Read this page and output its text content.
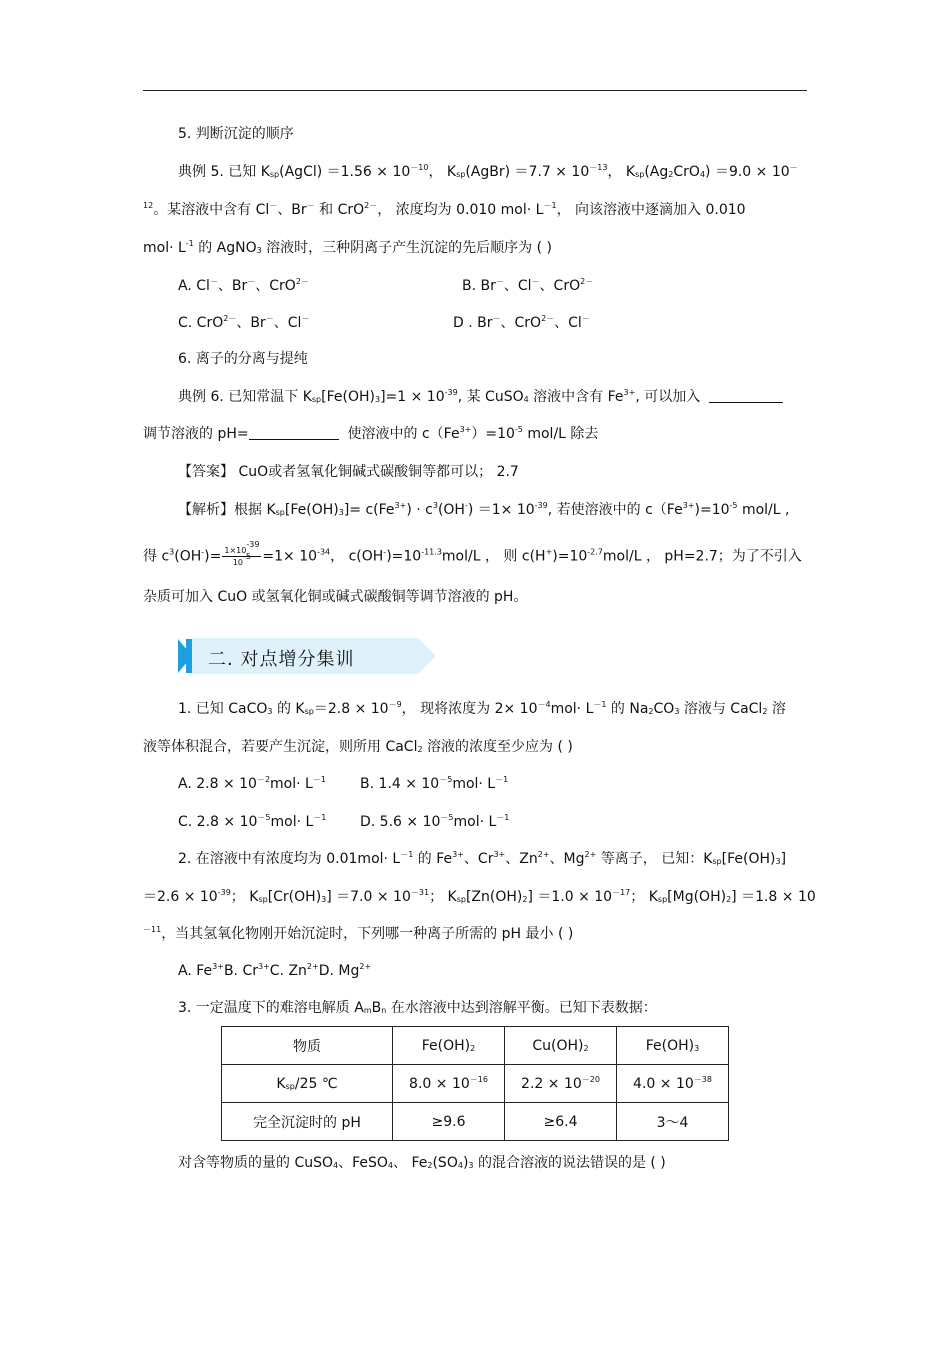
5. 判断沉淀的顺序
典例 5. 已知 $K_{sp}(AgCl) =1.56 \times 10^{-10}$， $K_{sp}(AgBr) =7.7 \times 10^{-13}$， $K_{sp}(Ag_2CrO_4) =9.0 \times 10^-$
$^{12}$。某溶液中含有 Cl－、Br－ 和 CrO$^{2-}$， 浓度均为 0.010 $mol\cdot L^{-1}$， 向该溶液中逐滴加入 0.010
$mol\cdot L^{-1}$ 的 AgNO$_3$ 溶液时，三种阴离子产生沉淀的先后顺序为 ( )
A. Cl－、Br－、CrO$^{2-}$	B. Br－、Cl－、CrO$^{2-}$
C. CrO$^{2-}$、Br－、Cl－	D . Br－、CrO$^{2-}$、Cl－
6. 离子的分离与提纯
典例 6. 已知常温下 $K_{sp}[Fe(OH)_3]=1 \times 10^{-39}$, 某 CuSO$_4$ 溶液中含有 $Fe^{3+}$, 可以加入
调节溶液的 pH=	使溶液中的 $c(Fe^{3+})=10^{-5}$ mol/L 除去
【答案】 CuO或者氢氧化铜碱式碳酸铜等都可以； 2.7
【解析】根据 $K_{sp}[Fe(OH)_3]= c(Fe^{3+}) \cdot c^3(OH^-) =1\times 10^{-39}$, 若使溶液中的 $c(Fe^{3+})=10^{-5}$ mol/L ,
得 $c^3(OH^-)= \frac{1\times 10^{-39}}{10^{-5}} =1\times 10^{-34}$， $c(OH^-)=10^{-11.3}mol/L$ ， 则 $c(H^+)=10^{-2.7}mol/L$ ， pH=2.7；为了不引入
杂质可加入 CuO 或氢氧化铜或碱式碳酸铜等调节溶液的 pH。
二. 对点增分集训
1. 已知 CaCO$_3$ 的 $K_{sp}=2.8 \times 10^{-9}$， 现将浓度为 $2\times 10^{-4}mol\cdot L^{-1}$ 的 $Na_2CO_3$ 溶液与 CaCl$_2$ 溶
液等体积混合，若要产生沉淀，则所用 CaCl$_2$ 溶液的浓度至少应为 ( )
A. $2.8 \times 10^{-2}mol\cdot L^{-1}$ B. $1.4 \times 10^{-5}mol\cdot L^{-1}$
C. $2.8 \times 10^{-5}mol\cdot L^{-1}$ D. $5.6 \times 10^{-5}mol\cdot L^{-1}$
2. 在溶液中有浓度均为 $0.01mol\cdot L^{-1}$ 的 $Fe^{3+}$、$Cr^{3+}$、$Zn^{2+}$、$Mg^{2+}$ 等离子， 已知：$K_{sp}[Fe(OH)_3]$
$=2.6 \times 10^{-39}$； $K_{sp}[Cr(OH)_3] =7.0 \times 10^{-31}$； $K_{sp}[Zn(OH)_2] =1.0 \times 10^{-17}$； $K_{sp}[Mg(OH)_2] =1.8 \times 10$
$^{-11}$，当其氢氧化物刚开始沉淀时，下列哪一种离子所需的 pH 最小 ( )
A. $Fe^{3+}B$. $Cr^{3+}C$. $Zn^{2+}D$. $Mg^{2+}$
3. 一定温度下的难溶电解质 $A_mB_n$ 在水溶液中达到溶解平衡。已知下表数据：
物质	$Fe(OH)_2$	$Cu(OH)_2$	$Fe(OH)_3$
$K_{sp}/25$ ℃	$8.0 \times 10^{-16}$	$2.2 \times 10^{-20}$	$4.0 \times 10^{-38}$
完全沉淀时的 pH	≥9.6	≥6.4	3～4
对含等物质的量的 CuSO$_4$、FeSO$_4$、 $Fe_2(SO_4)_3$ 的混合溶液的说法错误的是 ( )
